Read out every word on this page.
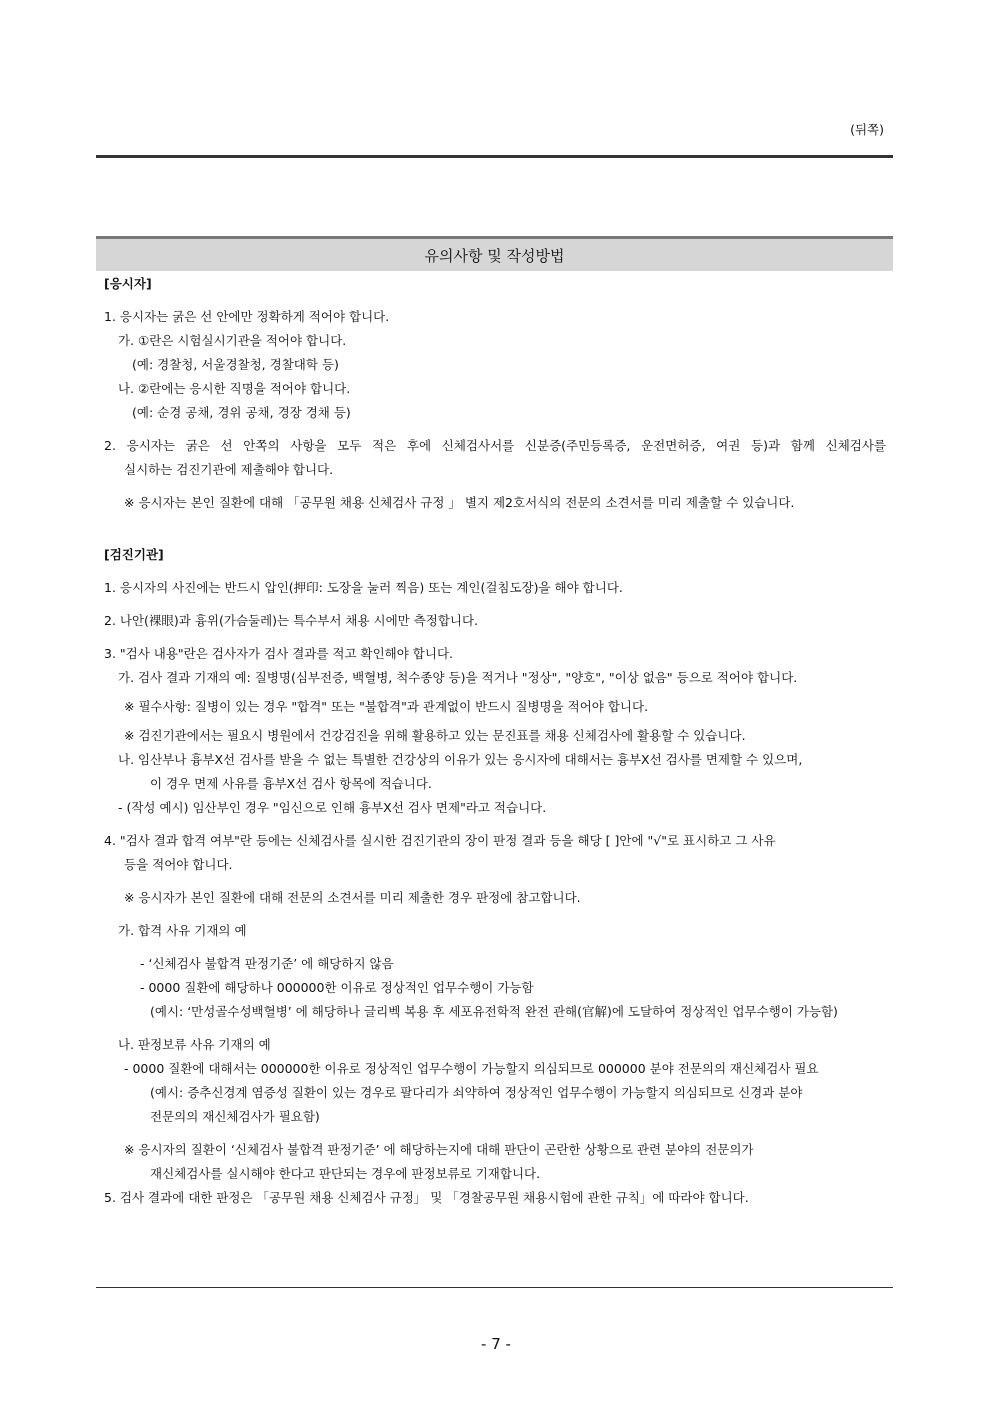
(뒤쪽)
유의사항 및 작성방법

[응시자]

1. 응시자는 굵은 선 안에만 정확하게 적어야 합니다.

가. ①란은 시험실시기관을 적어야 합니다.

(예: 경찰청, 서울경찰청, 경찰대학 등)

나. ②란에는 응시한 직명을 적어야 합니다.

(예: 순경 공채, 경위 공채, 경장 경채 등)

2. 응시자는 굵은 선 안쪽의 사항을 모두 적은 후에 신체검사서를 신분증(주민등록증, 운전면허증, 여권 등)과 함께 신체검사를

실시하는 검진기관에 제출해야 합니다.

※ 응시자는 본인 질환에 대해 「공무원 채용 신체검사 규정 」 별지 제2호서식의 전문의 소견서를 미리 제출할 수 있습니다.

[검진기관]

1. 응시자의 사진에는 반드시 압인(押印: 도장을 눌러 찍음) 또는 계인(걸침도장)을 해야 합니다.

2. 나안(裸眼)과 흉위(가슴둘레)는 특수부서 채용 시에만 측정합니다.

3. "검사 내용"란은 검사자가 검사 결과를 적고 확인해야 합니다.

가. 검사 결과 기재의 예: 질병명(심부전증, 백혈병, 척수종양 등)을 적거나 "정상", "양호", "이상 없음" 등으로 적어야 합니다.

※ 필수사항: 질병이 있는 경우 "합격" 또는 "불합격"과 관계없이 반드시 질병명을 적어야 합니다.

※ 검진기관에서는 필요시 병원에서 건강검진을 위해 활용하고 있는 문진표를 채용 신체검사에 활용할 수 있습니다.

나. 임산부나 흉부X선 검사를 받을 수 없는 특별한 건강상의 이유가 있는 응시자에 대해서는 흉부X선 검사를 면제할 수 있으며,

이 경우 면제 사유를 흉부X선 검사 항목에 적습니다.

- (작성 예시) 임산부인 경우 "임신으로 인해 흉부X선 검사 면제"라고 적습니다.

4. "검사 결과 합격 여부"란 등에는 신체검사를 실시한 검진기관의 장이 판정 결과 등을 해당 [ ]안에 "√"로 표시하고 그 사유

등을 적어야 합니다.

※ 응시자가 본인 질환에 대해 전문의 소견서를 미리 제출한 경우 판정에 참고합니다.

가. 합격 사유 기재의 예

- ‘신체검사 불합격 판정기준’ 에 해당하지 않음

- 0000 질환에 해당하나 000000한 이유로 정상적인 업무수행이 가능함

(예시: ‘만성골수성백혈병’ 에 해당하나 글리벡 복용 후 세포유전학적 완전 관해(官解)에 도달하여 정상적인 업무수행이 가능함)

나. 판정보류 사유 기재의 예

- 0000 질환에 대해서는 000000한 이유로 정상적인 업무수행이 가능할지 의심되므로 000000 분야 전문의의 재신체검사 필요

(예시: 증추신경계 염증성 질환이 있는 경우로 팔다리가 쇠약하여 정상적인 업무수행이 가능할지 의심되므로 신경과 분야

전문의의 재신체검사가 필요함)

※ 응시자의 질환이 ‘신체검사 불합격 판정기준’ 에 해당하는지에 대해 판단이 곤란한 상황으로 관련 분야의 전문의가

재신체검사를 실시해야 한다고 판단되는 경우에 판정보류로 기재합니다.

5. 검사 결과에 대한 판정은 「공무원 채용 신체검사 규정」 및 「경찰공무원 채용시험에 관한 규칙」에 따라야 합니다.

- 7 -
